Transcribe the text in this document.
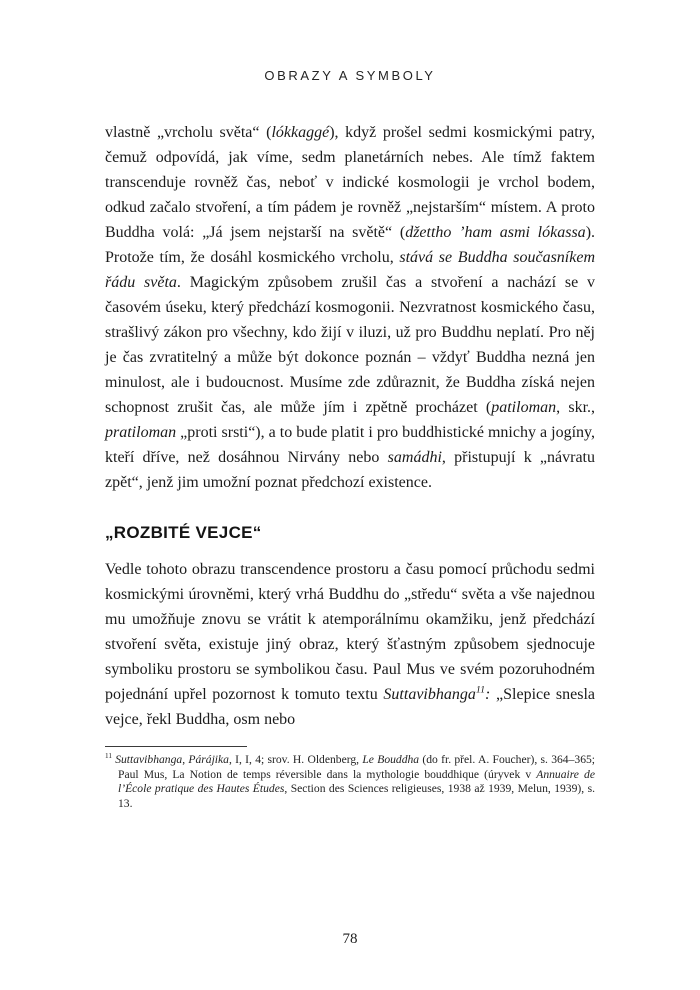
OBRAZY A SYMBOLY

vlastně „vrcholu světa“ (lókkaggé), když prošel sedmi kosmickými patry, čemuž odpovídá, jak víme, sedm planetárních nebes. Ale tímž faktem transcenduje rovněž čas, neboť v indické kosmologii je vrchol bodem, odkud začalo stvoření, a tím pádem je rovněž „nejstarším“ místem. A proto Buddha volá: „Já jsem nejstarší na světě“ (džettho ʼham asmi lókassa). Protože tím, že dosáhl kosmického vrcholu, stává se Buddha současníkem řádu světa. Magickým způsobem zrušil čas a stvoření a nachází se v časovém úseku, který předchází kosmogonii. Nezvratnost kosmického času, strašlivý zákon pro všechny, kdo žijí v iluzi, už pro Buddhu neplatí. Pro něj je čas zvratitelný a může být dokonce poznán – vždyť Buddha nezná jen minulost, ale i budoucnost. Musíme zde zdůraznit, že Buddha získá nejen schopnost zrušit čas, ale může jím i zpětně procházet (patiloman, skr., pratiloman „proti srsti“), a to bude platit i pro buddhistické mnichy a jogíny, kteří dříve, než dosáhnou Nirvány nebo samádhi, přistupují k „návratu zpět“, jenž jim umožní poznat předchozí existence.

„ROZBITÉ VEJCE“

Vedle tohoto obrazu transcendence prostoru a času pomocí průchodu sedmi kosmickými úrovněmi, který vrhá Buddhu do „středu“ světa a vše najednou mu umožňuje znovu se vrátit k atemporálnímu okamžiku, jenž předchází stvoření světa, existuje jiný obraz, který šťastným způsobem sjednocuje symboliku prostoru se symbolikou času. Paul Mus ve svém pozoruhodném pojednání upřel pozornost k tomuto textu Suttavibhanga$^{11}$: „Slepice snesla vejce, řekl Buddha, osm nebo

$^{11}$ Suttavibhanga, Párájika, I, I, 4; srov. H. Oldenberg, Le Bouddha (do fr. přel. A. Foucher), s. 364–365; Paul Mus, La Notion de temps réversible dans la mythologie bouddhique (úryvek v Annuaire de l’École pratique des Hautes Études, Section des Sciences religieuses, 1938 až 1939, Melun, 1939), s. 13.

78
